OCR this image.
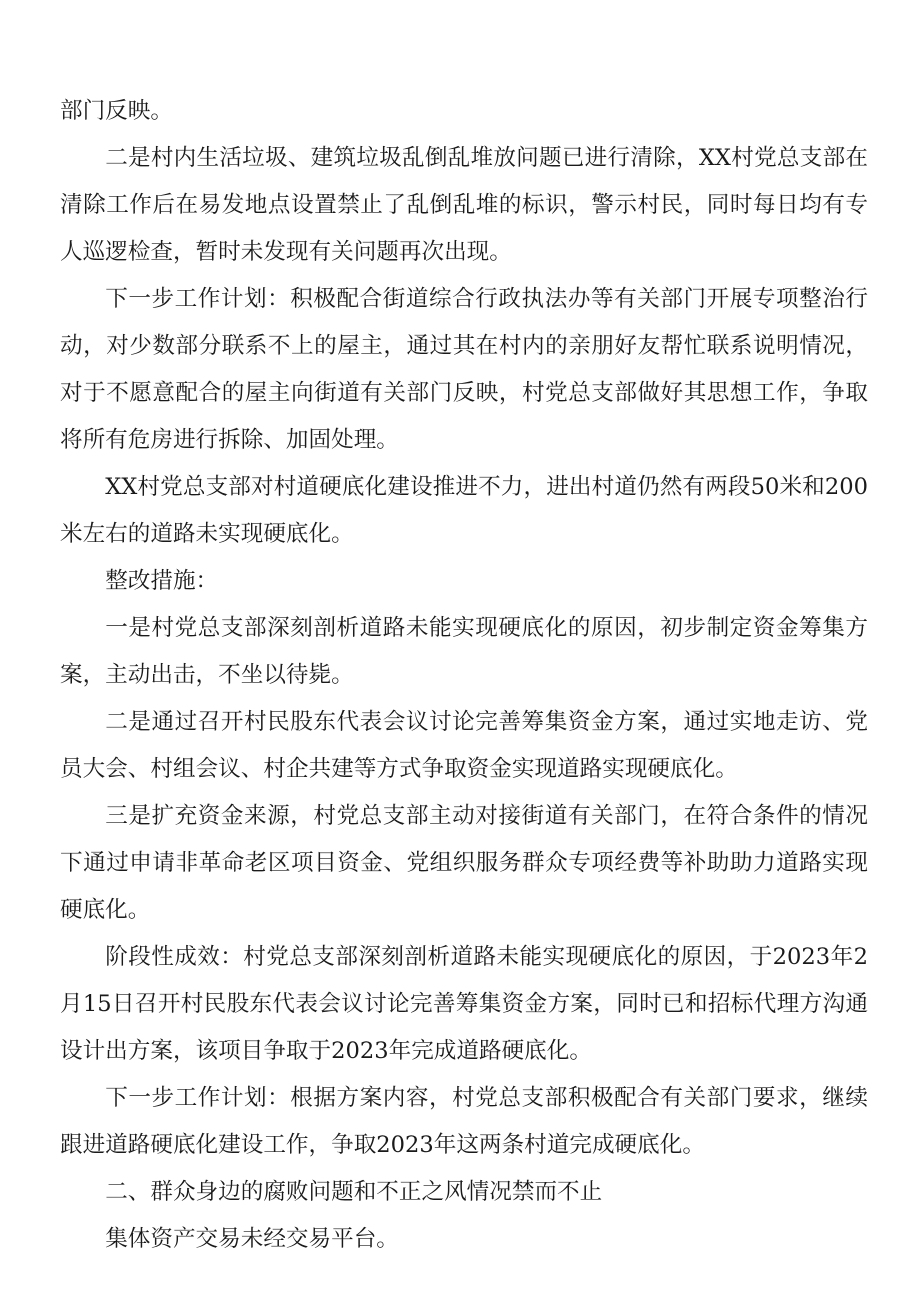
部门反映。

二是村内生活垃圾、建筑垃圾乱倒乱堆放问题已进行清除，XX村党总支部在清除工作后在易发地点设置禁止了乱倒乱堆的标识，警示村民，同时每日均有专人巡逻检查，暂时未发现有关问题再次出现。

下一步工作计划：积极配合街道综合行政执法办等有关部门开展专项整治行动，对少数部分联系不上的屋主，通过其在村内的亲朋好友帮忙联系说明情况，对于不愿意配合的屋主向街道有关部门反映，村党总支部做好其思想工作，争取将所有危房进行拆除、加固处理。

XX村党总支部对村道硬底化建设推进不力，进出村道仍然有两段50米和200米左右的道路未实现硬底化。

整改措施：

一是村党总支部深刻剖析道路未能实现硬底化的原因，初步制定资金筹集方案，主动出击，不坐以待毙。

二是通过召开村民股东代表会议讨论完善筹集资金方案，通过实地走访、党员大会、村组会议、村企共建等方式争取资金实现道路实现硬底化。

三是扩充资金来源，村党总支部主动对接街道有关部门，在符合条件的情况下通过申请非革命老区项目资金、党组织服务群众专项经费等补助助力道路实现硬底化。

阶段性成效：村党总支部深刻剖析道路未能实现硬底化的原因，于2023年2月15日召开村民股东代表会议讨论完善筹集资金方案，同时已和招标代理方沟通设计出方案，该项目争取于2023年完成道路硬底化。

下一步工作计划：根据方案内容，村党总支部积极配合有关部门要求，继续跟进道路硬底化建设工作，争取2023年这两条村道完成硬底化。

二、群众身边的腐败问题和不正之风情况禁而不止

集体资产交易未经交易平台。
